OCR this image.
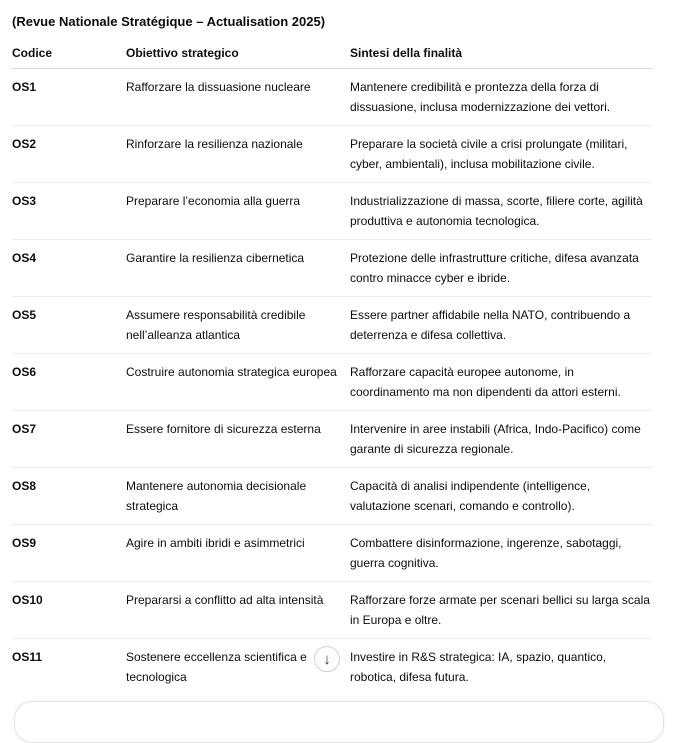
(Revue Nationale Stratégique – Actualisation 2025)
Codice	Obiettivo strategico	Sintesi della finalità
OS1	Rafforzare la dissuasione nucleare	Mantenere credibilità e prontezza della forza di dissuasione, inclusa modernizzazione dei vettori.
OS2	Rinforzare la resilienza nazionale	Preparare la società civile a crisi prolungate (militari, cyber, ambientali), inclusa mobilitazione civile.
OS3	Preparare l’economia alla guerra	Industrializzazione di massa, scorte, filiere corte, agilità produttiva e autonomia tecnologica.
OS4	Garantire la resilienza cibernetica	Protezione delle infrastrutture critiche, difesa avanzata contro minacce cyber e ibride.
OS5	Assumere responsabilità credibile nell’alleanza atlantica	Essere partner affidabile nella NATO, contribuendo a deterrenza e difesa collettiva.
OS6	Costruire autonomia strategica europea	Rafforzare capacità europee autonome, in coordinamento ma non dipendenti da attori esterni.
OS7	Essere fornitore di sicurezza esterna	Intervenire in aree instabili (Africa, Indo-Pacifico) come garante di sicurezza regionale.
OS8	Mantenere autonomia decisionale strategica	Capacità di analisi indipendente (intelligence, valutazione scenari, comando e controllo).
OS9	Agire in ambiti ibridi e asimmetrici	Combattere disinformazione, ingerenze, sabotaggi, guerra cognitiva.
OS10	Prepararsi a conflitto ad alta intensità	Rafforzare forze armate per scenari bellici su larga scala in Europa e oltre.
OS11	Sostenere eccellenza scientifica e tecnologica	Investire in R&S strategica: IA, spazio, quantico, robotica, difesa futura.
↓
